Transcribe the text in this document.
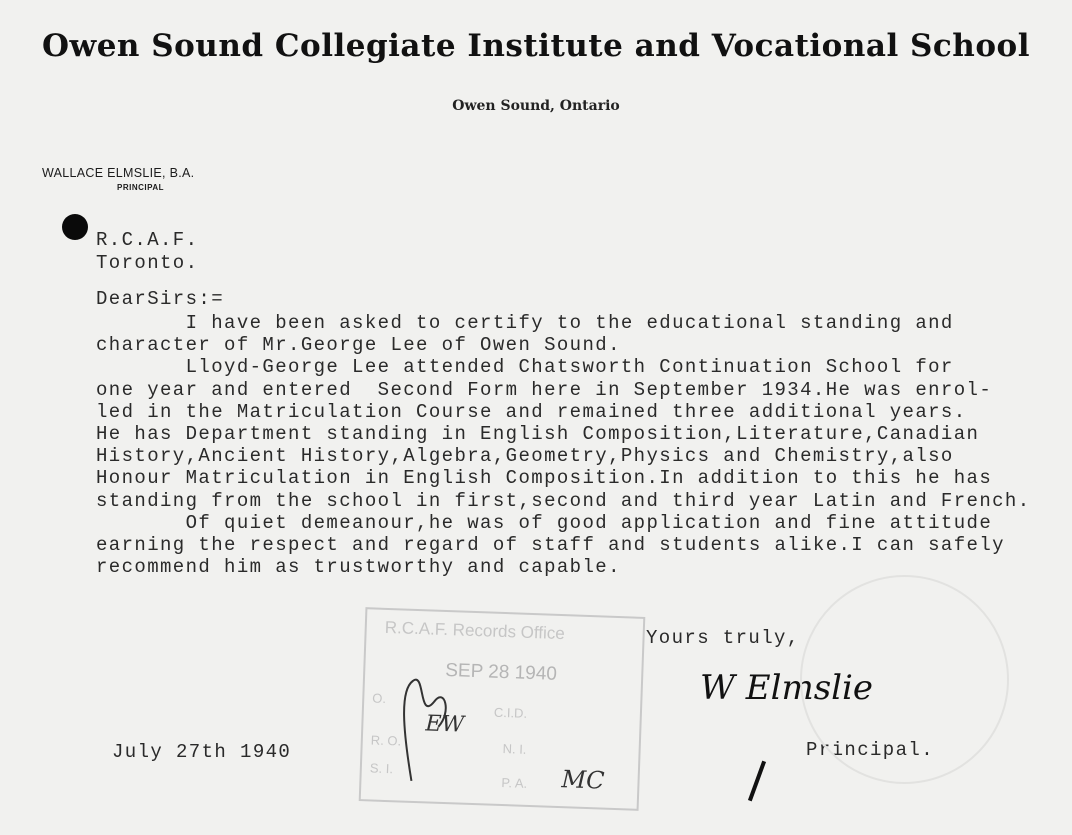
Owen Sound Collegiate Institute and Vocational School
Owen Sound, Ontario
WALLACE ELMSLIE, B.A.
PRINCIPAL
R.C.A.F.
Toronto.
DearSirs:=
I have been asked to certify to the educational standing and
character of Mr.George Lee of Owen Sound.
Lloyd-George Lee attended Chatsworth Continuation School for
one year and entered  Second Form here in September 1934.He was enrol-
led in the Matriculation Course and remained three additional years.
He has Department standing in English Composition,Literature,Canadian
History,Ancient History,Algebra,Geometry,Physics and Chemistry,also
Honour Matriculation in English Composition.In addition to this he has
standing from the school in first,second and third year Latin and French.
Of quiet demeanour,he was of good application and fine attitude
earning the respect and regard of staff and students alike.I can safely
recommend him as trustworthy and capable.
Yours truly,
W Elmslie
Principal.
July 27th 1940

R.C.A.F. Records Office

SEP 28 1940

O.

C.I.D.

R. O.

N. I.

S. I.

P. A.

EW

MC
